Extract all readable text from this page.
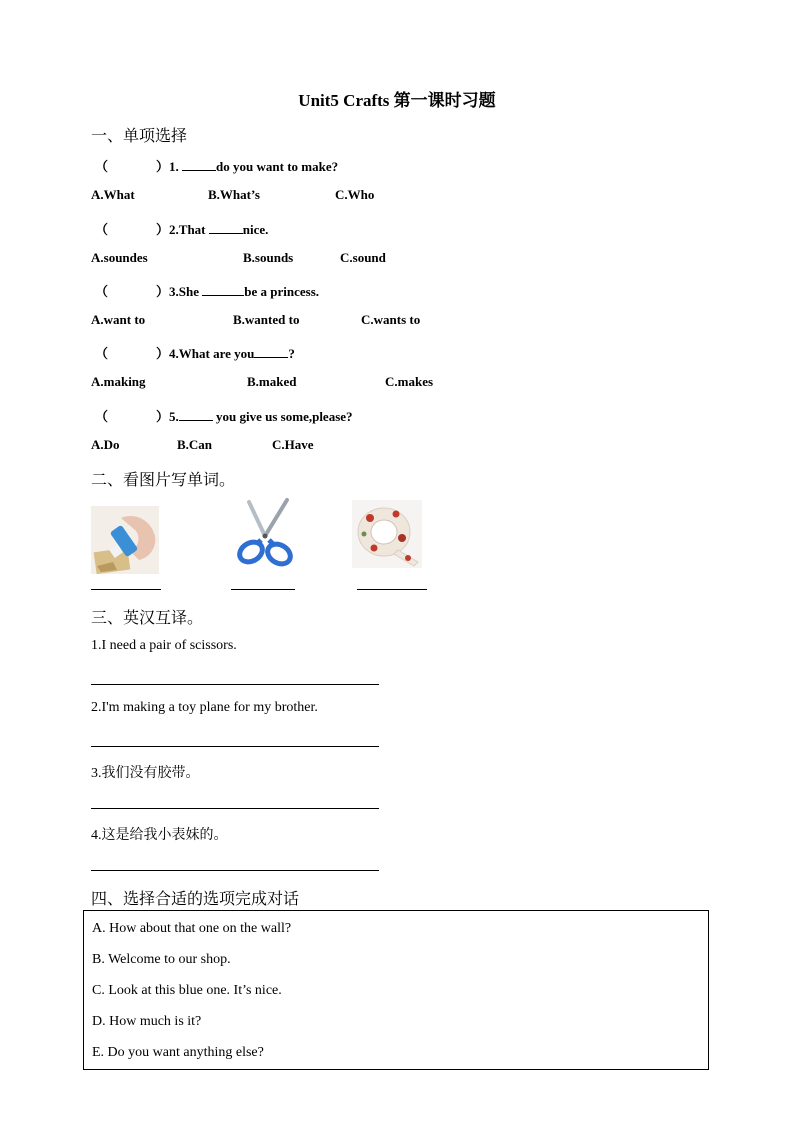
Unit5 Crafts 第一课时习题
一、单项选择
（	）1.	do you want to make?
A.What	B.What’s	C.Who
（	）2.That	nice.
A.soundes	B.sounds	C.sound
（	）3.She	be a princess.
A.want to	B.wanted to	C.wants to
（	）4.What are you	?
A.making	B.maked	C.makes
（	）5.	you give us some,please?
A.Do	B.Can	C.Have
二、看图片写单词。
三、英汉互译。
1.I need a pair of scissors.
2.I'm making a toy plane for my brother.
3.我们没有胶带。
4.这是给我小表妹的。
四、选择合适的选项完成对话
A. How about that one on the wall?
B. Welcome to our shop.
C. Look at this blue one. It’s nice.
D. How much is it?
E. Do you want anything else?
